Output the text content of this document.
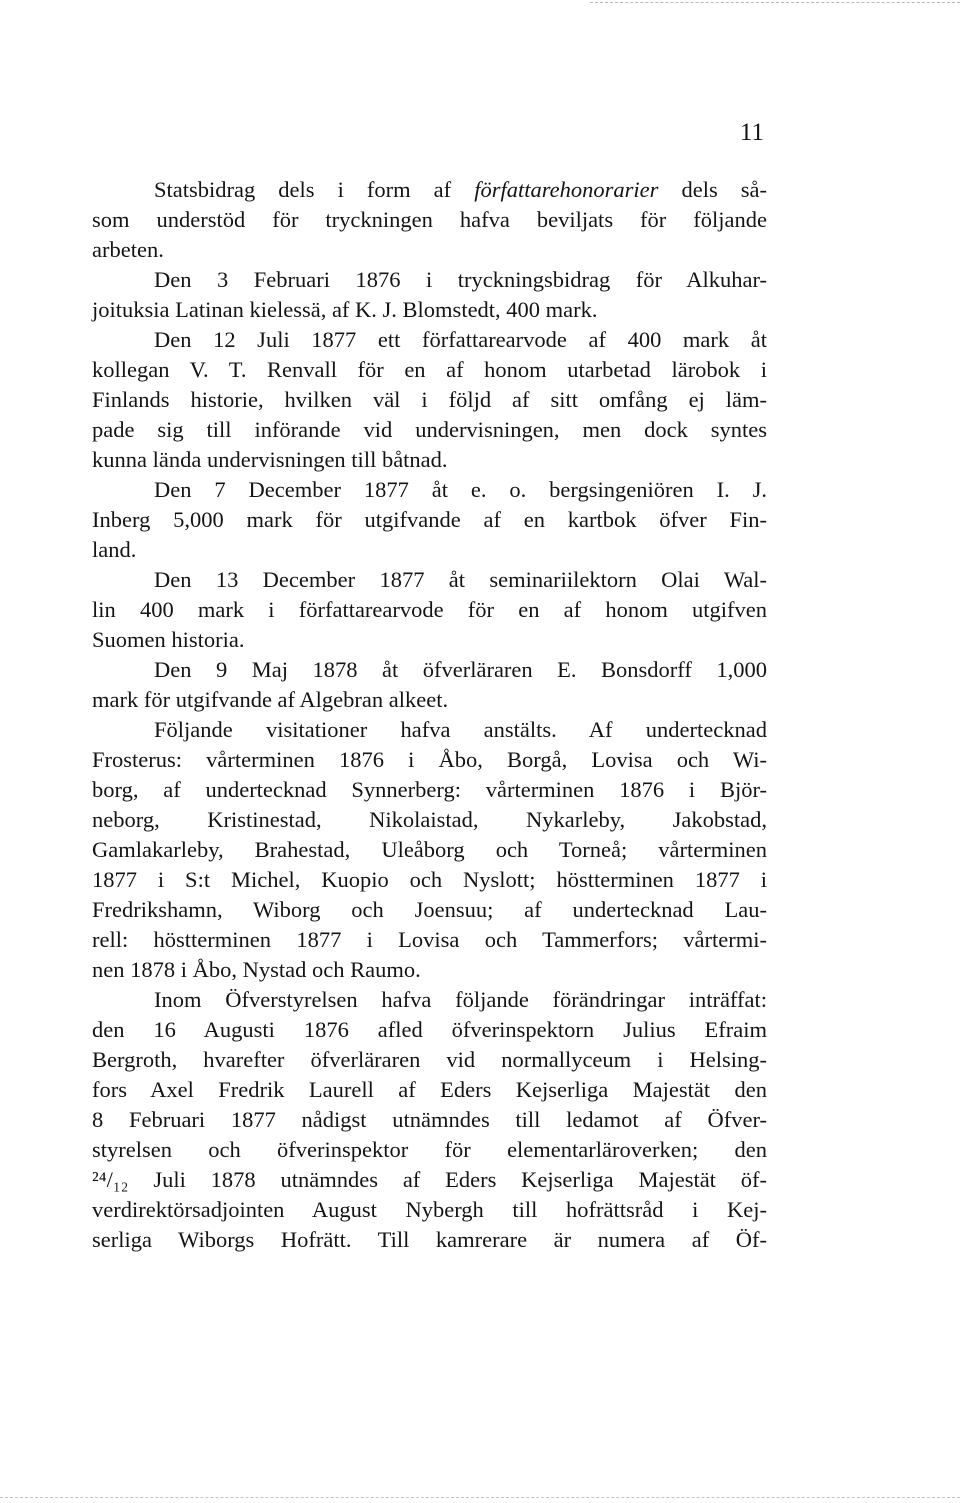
11
Statsbidrag dels i form af författarehonorarier dels så-
som understöd för tryckningen hafva beviljats för följande
arbeten.
Den 3 Februari 1876 i tryckningsbidrag för Alkuhar-
joituksia Latinan kielessä, af K. J. Blomstedt, 400 mark.
Den 12 Juli 1877 ett författarearvode af 400 mark åt
kollegan V. T. Renvall för en af honom utarbetad lärobok i
Finlands historie, hvilken väl i följd af sitt omfång ej läm-
pade sig till införande vid undervisningen, men dock syntes
kunna lända undervisningen till båtnad.
Den 7 December 1877 åt e. o. bergsingeniören I. J.
Inberg 5,000 mark för utgifvande af en kartbok öfver Fin-
land.
Den 13 December 1877 åt seminariilektorn Olai Wal-
lin 400 mark i författarearvode för en af honom utgifven
Suomen historia.
Den 9 Maj 1878 åt öfverläraren E. Bonsdorff 1,000
mark för utgifvande af Algebran alkeet.
Följande visitationer hafva anstälts. Af undertecknad
Frosterus: vårterminen 1876 i Åbo, Borgå, Lovisa och Wi-
borg, af undertecknad Synnerberg: vårterminen 1876 i Björ-
neborg, Kristinestad, Nikolaistad, Nykarleby, Jakobstad,
Gamlakarleby, Brahestad, Uleåborg och Torneå; vårterminen
1877 i S:t Michel, Kuopio och Nyslott; höstterminen 1877 i
Fredrikshamn, Wiborg och Joensuu; af undertecknad Lau-
rell: höstterminen 1877 i Lovisa och Tammerfors; vårtermi-
nen 1878 i Åbo, Nystad och Raumo.
Inom Öfverstyrelsen hafva följande förändringar inträffat:
den 16 Augusti 1876 afled öfverinspektorn Julius Efraim
Bergroth, hvarefter öfverläraren vid normallyceum i Helsing-
fors Axel Fredrik Laurell af Eders Kejserliga Majestät den
8 Februari 1877 nådigst utnämndes till ledamot af Öfver-
styrelsen och öfverinspektor för elementarläroverken; den
²⁴/₁₂ Juli 1878 utnämndes af Eders Kejserliga Majestät öf-
verdirektörsadjointen August Nybergh till hofrättsråd i Kej-
serliga Wiborgs Hofrätt. Till kamrerare är numera af Öf-
